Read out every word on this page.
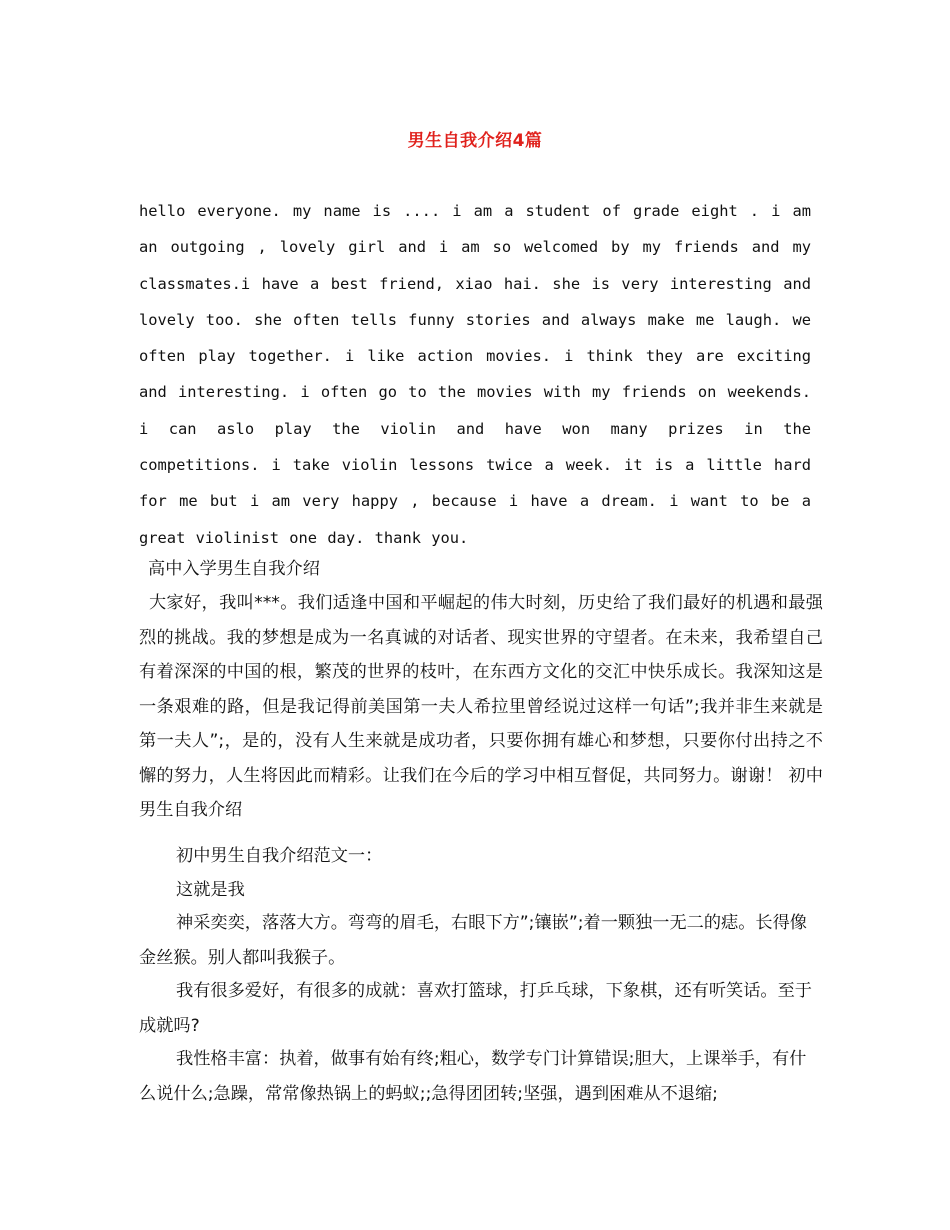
男生自我介绍4篇
hello everyone. my name is .... i am a student of grade eight . i am an outgoing , lovely girl and i am so welcomed by my friends and my classmates.i have a best friend, xiao hai. she is very interesting and lovely too. she often tells funny stories and always make me laugh. we often play together. i like action movies. i think they are exciting and interesting. i often go to the movies with my friends on weekends. i can aslo play the violin and have won many prizes in the competitions. i take violin lessons twice a week. it is a little hard for me but i am very happy , because i have a dream. i want to be a great violinist one day. thank you.
高中入学男生自我介绍
大家好，我叫***。我们适逢中国和平崛起的伟大时刻，历史给了我们最好的机遇和最强烈的挑战。我的梦想是成为一名真诚的对话者、现实世界的守望者。在未来，我希望自己有着深深的中国的根，繁茂的世界的枝叶，在东西方文化的交汇中快乐成长。我深知这是一条艰难的路，但是我记得前美国第一夫人希拉里曾经说过这样一句话”;我并非生来就是第一夫人”;，是的，没有人生来就是成功者，只要你拥有雄心和梦想，只要你付出持之不懈的努力，人生将因此而精彩。让我们在今后的学习中相互督促，共同努力。谢谢！ 初中男生自我介绍
初中男生自我介绍范文一：
这就是我
神采奕奕，落落大方。弯弯的眉毛，右眼下方”;镶嵌”;着一颗独一无二的痣。长得像金丝猴。别人都叫我猴子。
我有很多爱好，有很多的成就：喜欢打篮球，打乒乓球，下象棋，还有听笑话。至于成就吗?
我性格丰富：执着，做事有始有终;粗心，数学专门计算错误;胆大，上课举手，有什么说什么;急躁，常常像热锅上的蚂蚁;;急得团团转;坚强，遇到困难从不退缩;
